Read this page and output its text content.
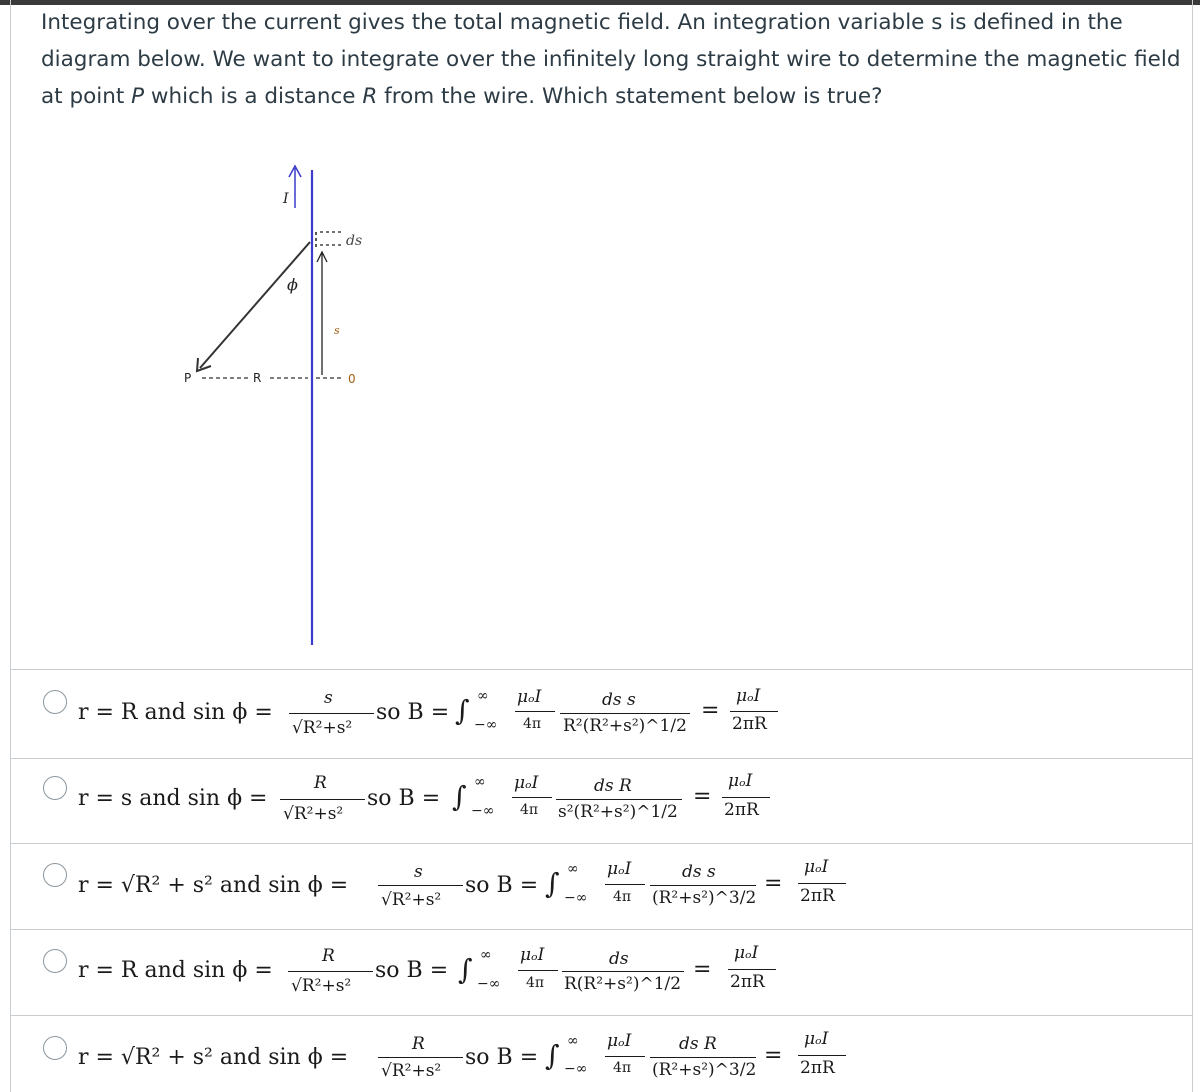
Integrating over the current gives the total magnetic field. An integration variable s is defined in the diagram below. We want to integrate over the infinitely long straight wire to determine the magnetic field at point P which is a distance R from the wire. Which statement below is true?
I
ds
ϕ
s
P	R	0
r = R and sin ϕ =
s
√R²+s²
so B = ∫ ∞
−∞
μₒI
4π
ds s
R²(R²+s²)^1/2
=
μₒI
2πR
r = s and sin ϕ =
R
√R²+s²
so B = ∫ ∞
−∞
μₒI
4π
ds R
s²(R²+s²)^1/2
=
μₒI
2πR
r = √R² + s² and sin ϕ =
s
√R²+s²
so B = ∫ ∞
−∞
μₒI
4π
ds s
(R²+s²)^3/2
=
μₒI
2πR
r = R and sin ϕ =
R
√R²+s²
so B = ∫ ∞
−∞
μₒI
4π
ds
R(R²+s²)^1/2
=
μₒI
2πR
r = √R² + s² and sin ϕ =
R
√R²+s²
so B = ∫ ∞
−∞
μₒI
4π
ds R
(R²+s²)^3/2
=
μₒI
2πR
